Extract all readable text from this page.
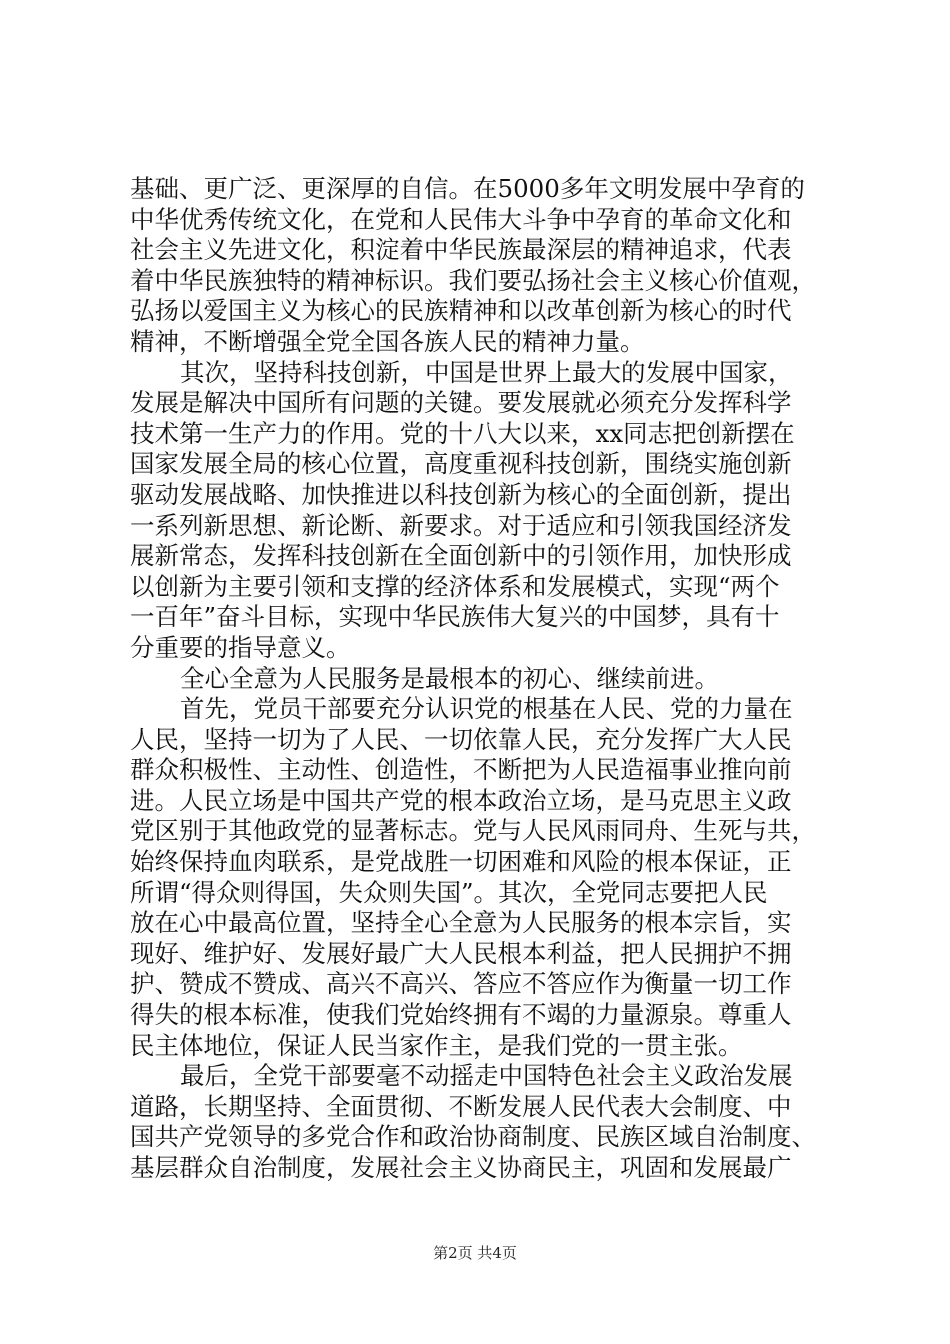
基础、更广泛、更深厚的自信。在5000多年文明发展中孕育的
中华优秀传统文化，在党和人民伟大斗争中孕育的革命文化和
社会主义先进文化，积淀着中华民族最深层的精神追求，代表
着中华民族独特的精神标识。我们要弘扬社会主义核心价值观，
弘扬以爱国主义为核心的民族精神和以改革创新为核心的时代
精神，不断增强全党全国各族人民的精神力量。
其次，坚持科技创新，中国是世界上最大的发展中国家，
发展是解决中国所有问题的关键。要发展就必须充分发挥科学
技术第一生产力的作用。党的十八大以来，xx同志把创新摆在
国家发展全局的核心位置，高度重视科技创新，围绕实施创新
驱动发展战略、加快推进以科技创新为核心的全面创新，提出
一系列新思想、新论断、新要求。对于适应和引领我国经济发
展新常态，发挥科技创新在全面创新中的引领作用，加快形成
以创新为主要引领和支撑的经济体系和发展模式，实现“两个
一百年”奋斗目标，实现中华民族伟大复兴的中国梦，具有十
分重要的指导意义。
全心全意为人民服务是最根本的初心、继续前进。
首先，党员干部要充分认识党的根基在人民、党的力量在
人民，坚持一切为了人民、一切依靠人民，充分发挥广大人民
群众积极性、主动性、创造性，不断把为人民造福事业推向前
进。人民立场是中国共产党的根本政治立场，是马克思主义政
党区别于其他政党的显著标志。党与人民风雨同舟、生死与共，
始终保持血肉联系，是党战胜一切困难和风险的根本保证，正
所谓“得众则得国，失众则失国”。其次，全党同志要把人民
放在心中最高位置，坚持全心全意为人民服务的根本宗旨，实
现好、维护好、发展好最广大人民根本利益，把人民拥护不拥
护、赞成不赞成、高兴不高兴、答应不答应作为衡量一切工作
得失的根本标准，使我们党始终拥有不竭的力量源泉。尊重人
民主体地位，保证人民当家作主，是我们党的一贯主张。
最后，全党干部要毫不动摇走中国特色社会主义政治发展
道路，长期坚持、全面贯彻、不断发展人民代表大会制度、中
国共产党领导的多党合作和政治协商制度、民族区域自治制度、
基层群众自治制度，发展社会主义协商民主，巩固和发展最广
第2页 共4页
